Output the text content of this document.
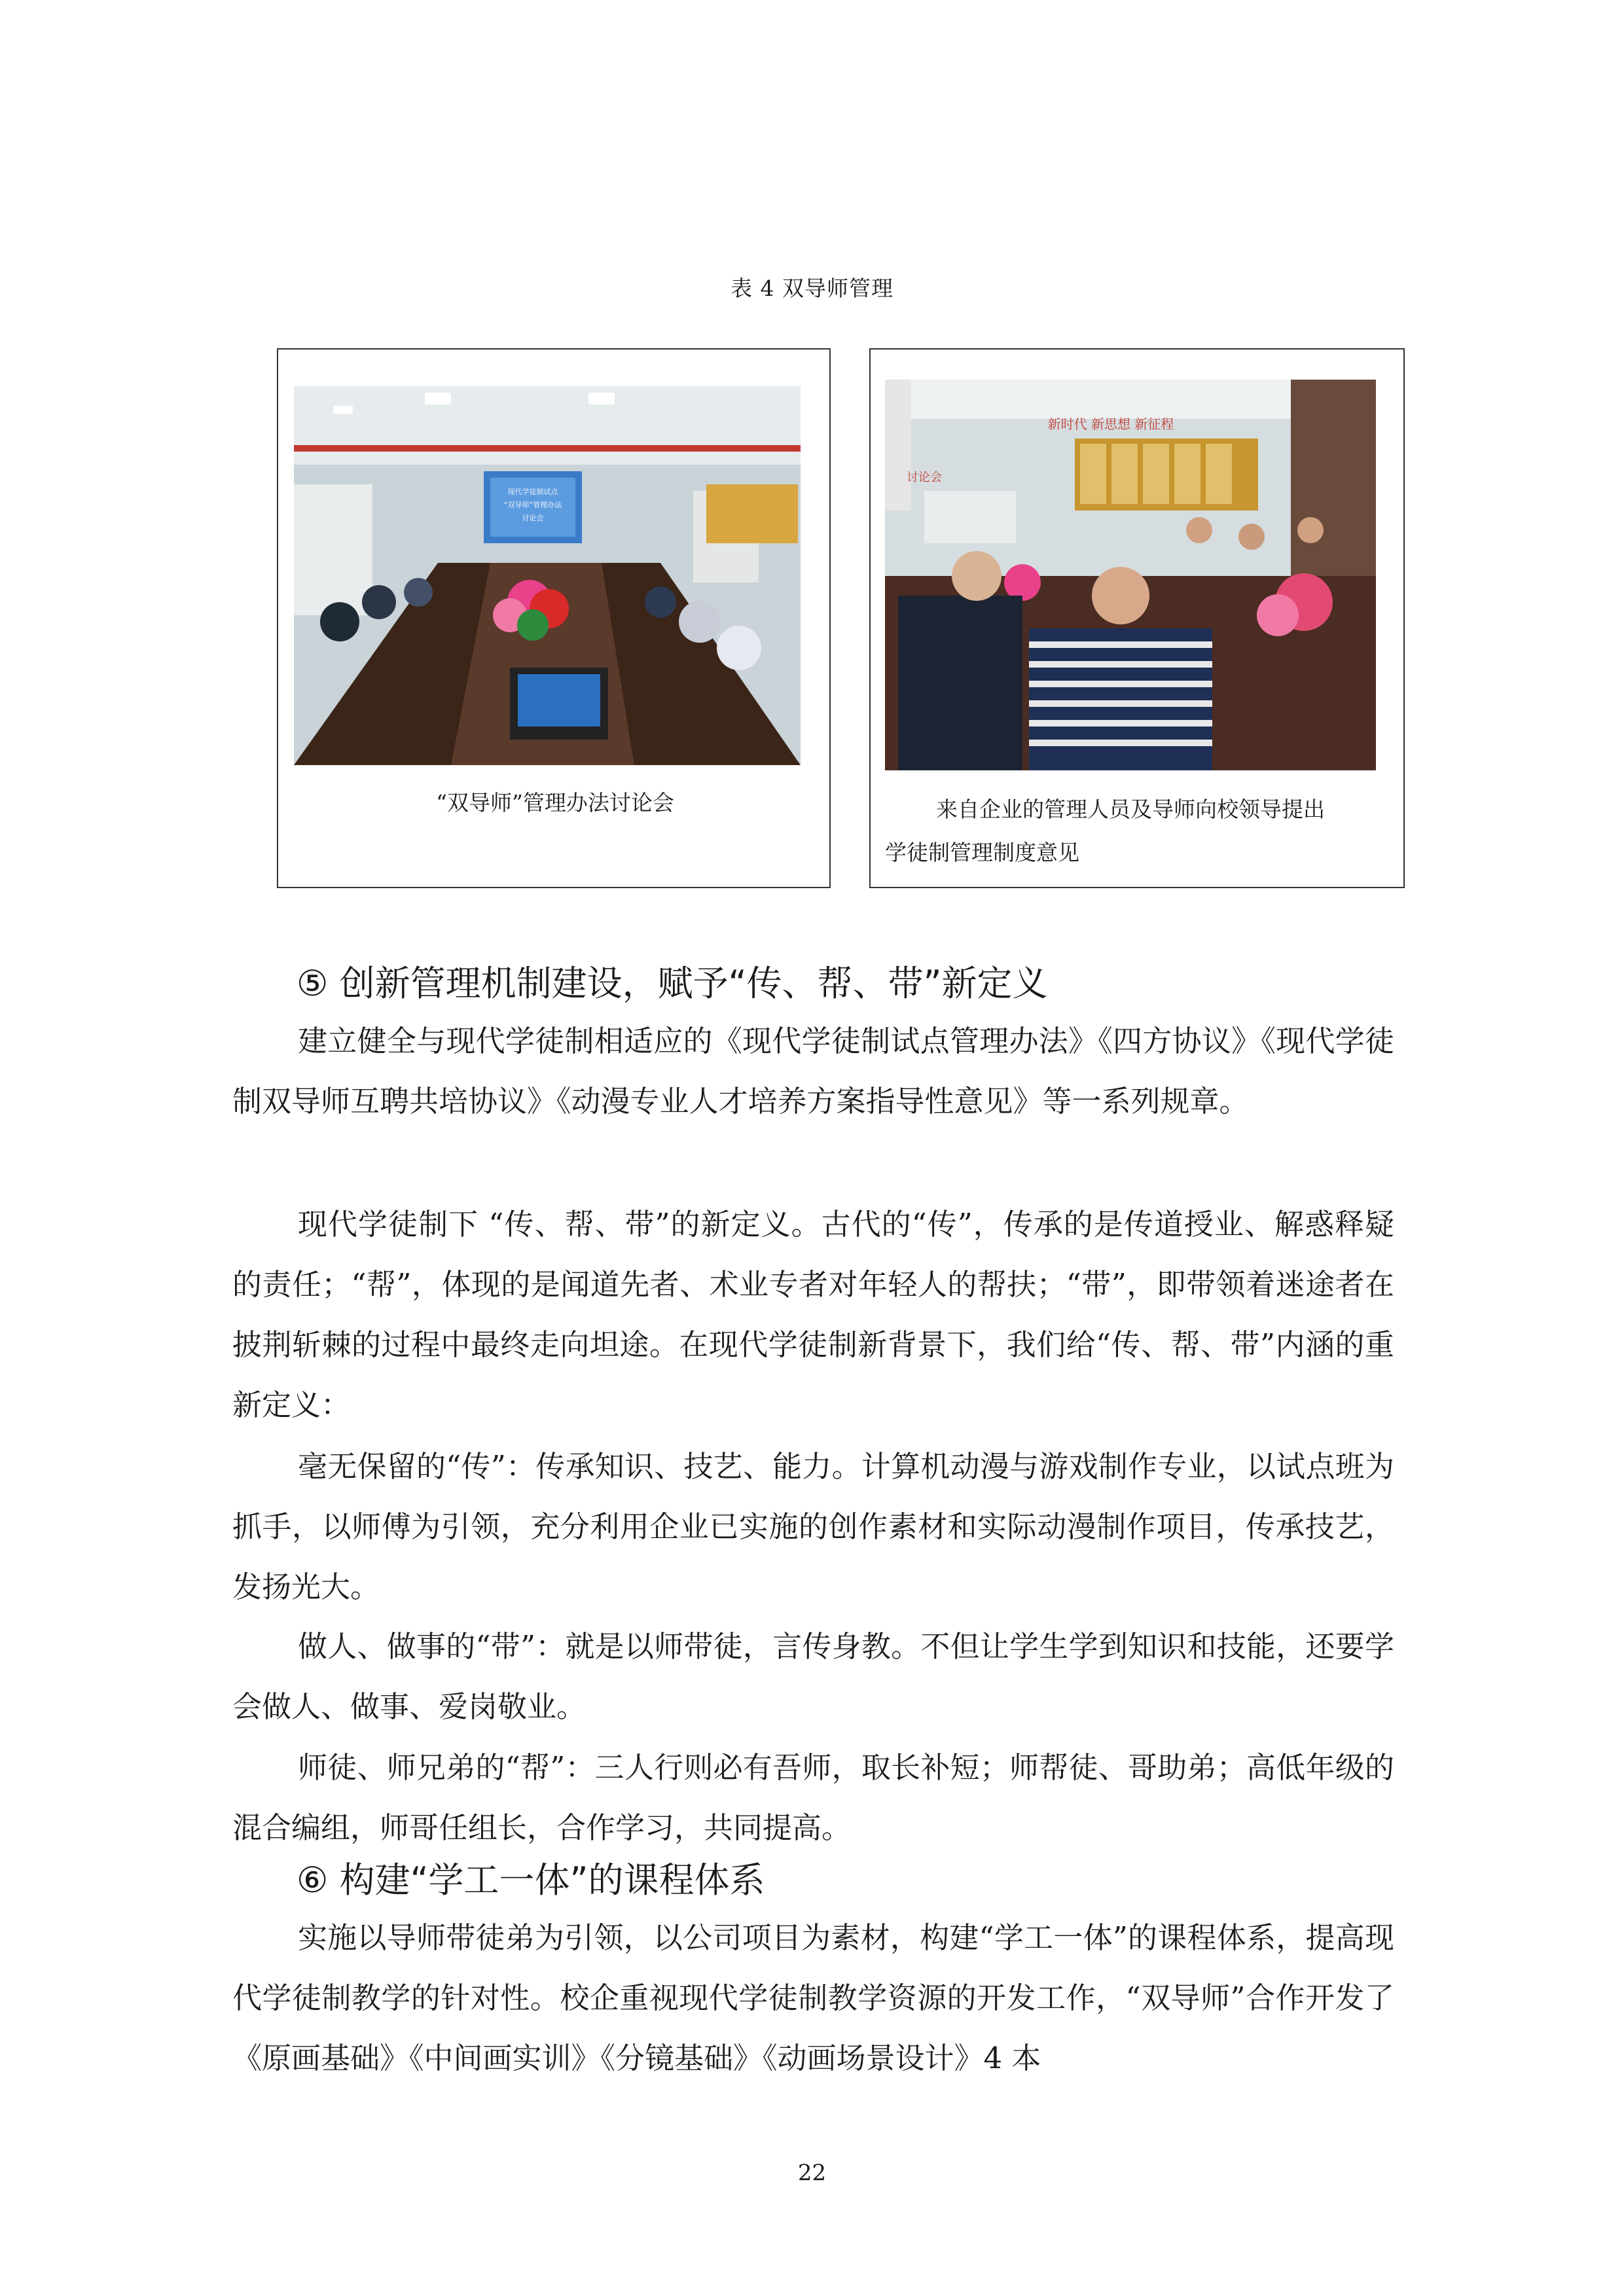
表 4 双导师管理
现代学徒制试点
“双导师”管理办法
讨论会
“双导师”管理办法讨论会
新时代 新思想 新征程
讨论会
来自企业的管理人员及导师向校领导提出
学徒制管理制度意见
⑤ 创新管理机制建设，赋予“传、帮、带”新定义
建立健全与现代学徒制相适应的《现代学徒制试点管理办法》《四方协议》《现代学徒制双导师互聘共培协议》《动漫专业人才培养方案指导性意见》等一系列规章。
现代学徒制下 “传、帮、带”的新定义。古代的“传”，传承的是传道授业、解惑释疑的责任；“帮”，体现的是闻道先者、术业专者对年轻人的帮扶；“带”，即带领着迷途者在披荆斩棘的过程中最终走向坦途。在现代学徒制新背景下，我们给“传、帮、带”内涵的重新定义：
毫无保留的“传”：传承知识、技艺、能力。计算机动漫与游戏制作专业，以试点班为抓手，以师傅为引领，充分利用企业已实施的创作素材和实际动漫制作项目，传承技艺，发扬光大。
做人、做事的“带”：就是以师带徒，言传身教。不但让学生学到知识和技能，还要学会做人、做事、爱岗敬业。
师徒、师兄弟的“帮”：三人行则必有吾师，取长补短；师帮徒、哥助弟；高低年级的混合编组，师哥任组长，合作学习，共同提高。
⑥ 构建“学工一体”的课程体系
实施以导师带徒弟为引领，以公司项目为素材，构建“学工一体”的课程体系，提高现代学徒制教学的针对性。校企重视现代学徒制教学资源的开发工作，“双导师”合作开发了《原画基础》《中间画实训》《分镜基础》《动画场景设计》4 本
22
